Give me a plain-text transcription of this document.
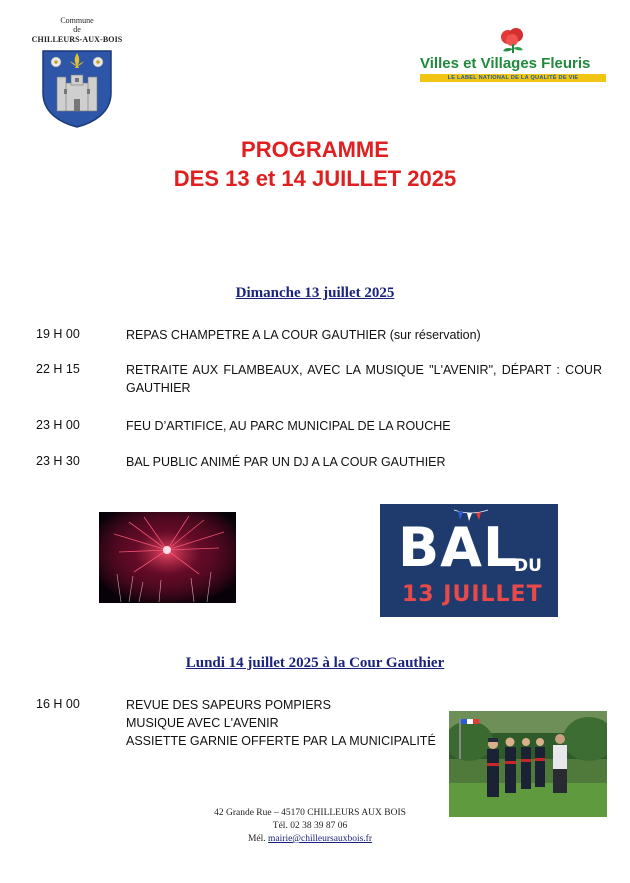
Commune
de
CHILLEURS-AUX-BOIS
Villes et Villages Fleuris
LE LABEL NATIONAL DE LA QUALITÉ DE VIE
PROGRAMME
DES 13 et 14 JUILLET 2025
Dimanche 13 juillet 2025
19 H 00	REPAS CHAMPETRE A LA COUR GAUTHIER (sur réservation)
22 H 15	RETRAITE AUX FLAMBEAUX, AVEC LA MUSIQUE "L'AVENIR", DÉPART : COUR GAUTHIER
23 H 00	FEU D’ARTIFICE, AU PARC MUNICIPAL DE LA ROUCHE
23 H 30	BAL PUBLIC ANIMÉ PAR UN DJ A LA COUR GAUTHIER
BAL
DU
13 JUILLET
Lundi 14 juillet 2025 à la Cour Gauthier
16 H 00	REVUE DES SAPEURS POMPIERS
MUSIQUE AVEC L'AVENIR
ASSIETTE GARNIE OFFERTE PAR LA MUNICIPALITÉ
42 Grande Rue – 45170 CHILLEURS AUX BOIS
Tél. 02 38 39 87 06
Mél. mairie@chilleursauxbois.fr
